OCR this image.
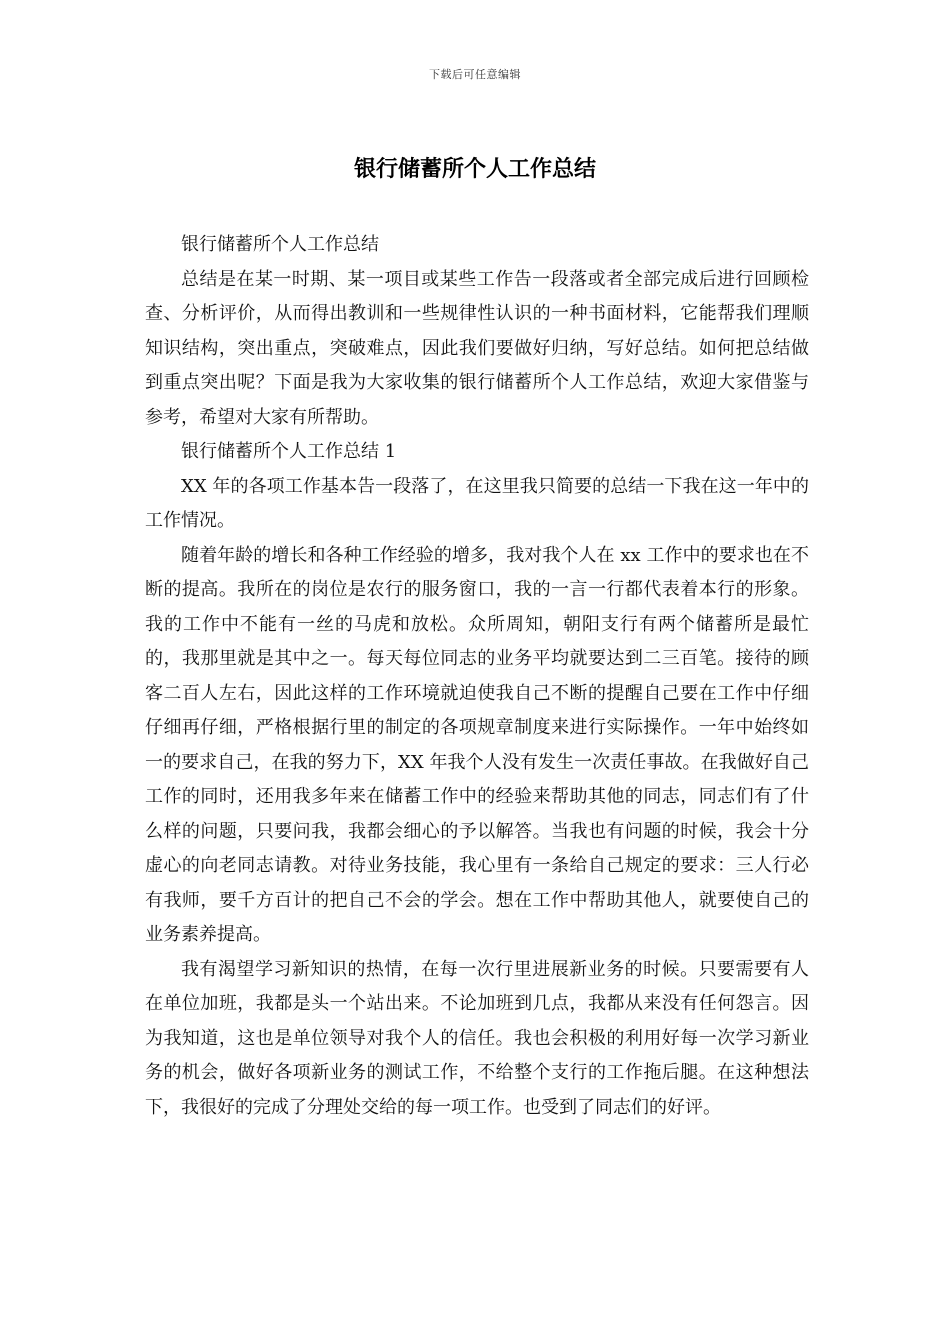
下载后可任意编辑
银行储蓄所个人工作总结

银行储蓄所个人工作总结

总结是在某一时期、某一项目或某些工作告一段落或者全部完成后进行回顾检查、分析评价，从而得出教训和一些规律性认识的一种书面材料，它能帮我们理顺知识结构，突出重点，突破难点，因此我们要做好归纳，写好总结。如何把总结做到重点突出呢？下面是我为大家收集的银行储蓄所个人工作总结，欢迎大家借鉴与参考，希望对大家有所帮助。

银行储蓄所个人工作总结 1

XX 年的各项工作基本告一段落了，在这里我只简要的总结一下我在这一年中的工作情况。

随着年龄的增长和各种工作经验的增多，我对我个人在 xx 工作中的要求也在不断的提高。我所在的岗位是农行的服务窗口，我的一言一行都代表着本行的形象。我的工作中不能有一丝的马虎和放松。众所周知，朝阳支行有两个储蓄所是最忙的，我那里就是其中之一。每天每位同志的业务平均就要达到二三百笔。接待的顾客二百人左右，因此这样的工作环境就迫使我自己不断的提醒自己要在工作中仔细仔细再仔细，严格根据行里的制定的各项规章制度来进行实际操作。一年中始终如一的要求自己，在我的努力下，XX 年我个人没有发生一次责任事故。在我做好自己工作的同时，还用我多年来在储蓄工作中的经验来帮助其他的同志，同志们有了什么样的问题，只要问我，我都会细心的予以解答。当我也有问题的时候，我会十分虚心的向老同志请教。对待业务技能，我心里有一条给自己规定的要求：三人行必有我师，要千方百计的把自己不会的学会。想在工作中帮助其他人，就要使自己的业务素养提高。

我有渴望学习新知识的热情，在每一次行里进展新业务的时候。只要需要有人在单位加班，我都是头一个站出来。不论加班到几点，我都从来没有任何怨言。因为我知道，这也是单位领导对我个人的信任。我也会积极的利用好每一次学习新业务的机会，做好各项新业务的测试工作，不给整个支行的工作拖后腿。在这种想法下，我很好的完成了分理处交给的每一项工作。也受到了同志们的好评。
